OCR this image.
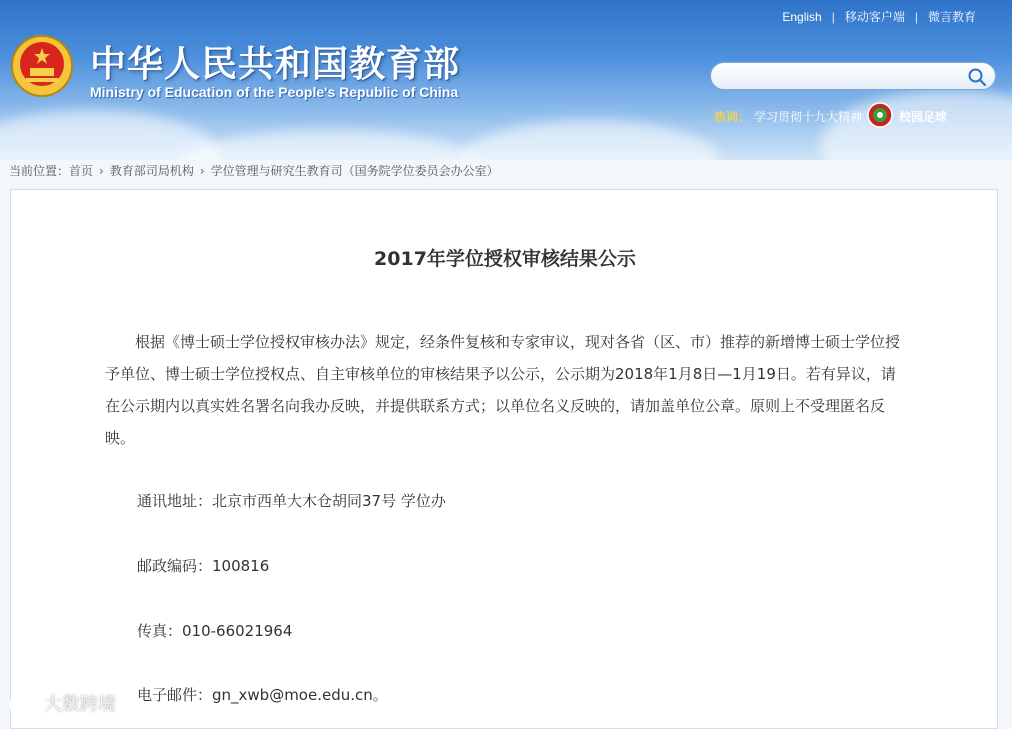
中华人民共和国教育部
Ministry of Education of the People's Republic of China
English | 移动客户端 | 微言教育
热词： 学习贯彻十九大精神	校园足球
当前位置：首页 › 教育部司局机构 › 学位管理与研究生教育司（国务院学位委员会办公室）
2017年学位授权审核结果公示
根据《博士硕士学位授权审核办法》规定，经条件复核和专家审议，现对各省（区、市）推荐的新增博士硕士学位授予单位、博士硕士学位授权点、自主审核单位的审核结果予以公示，公示期为2018年1月8日—1月19日。若有异议，请在公示期内以真实姓名署名向我办反映，并提供联系方式；以单位名义反映的，请加盖单位公章。原则上不受理匿名反映。
通讯地址：北京市西单大木仓胡同37号 学位办
邮政编码：100816
传真：010-66021964
电子邮件：gn_xwb@moe.edu.cn。
大数跨境
